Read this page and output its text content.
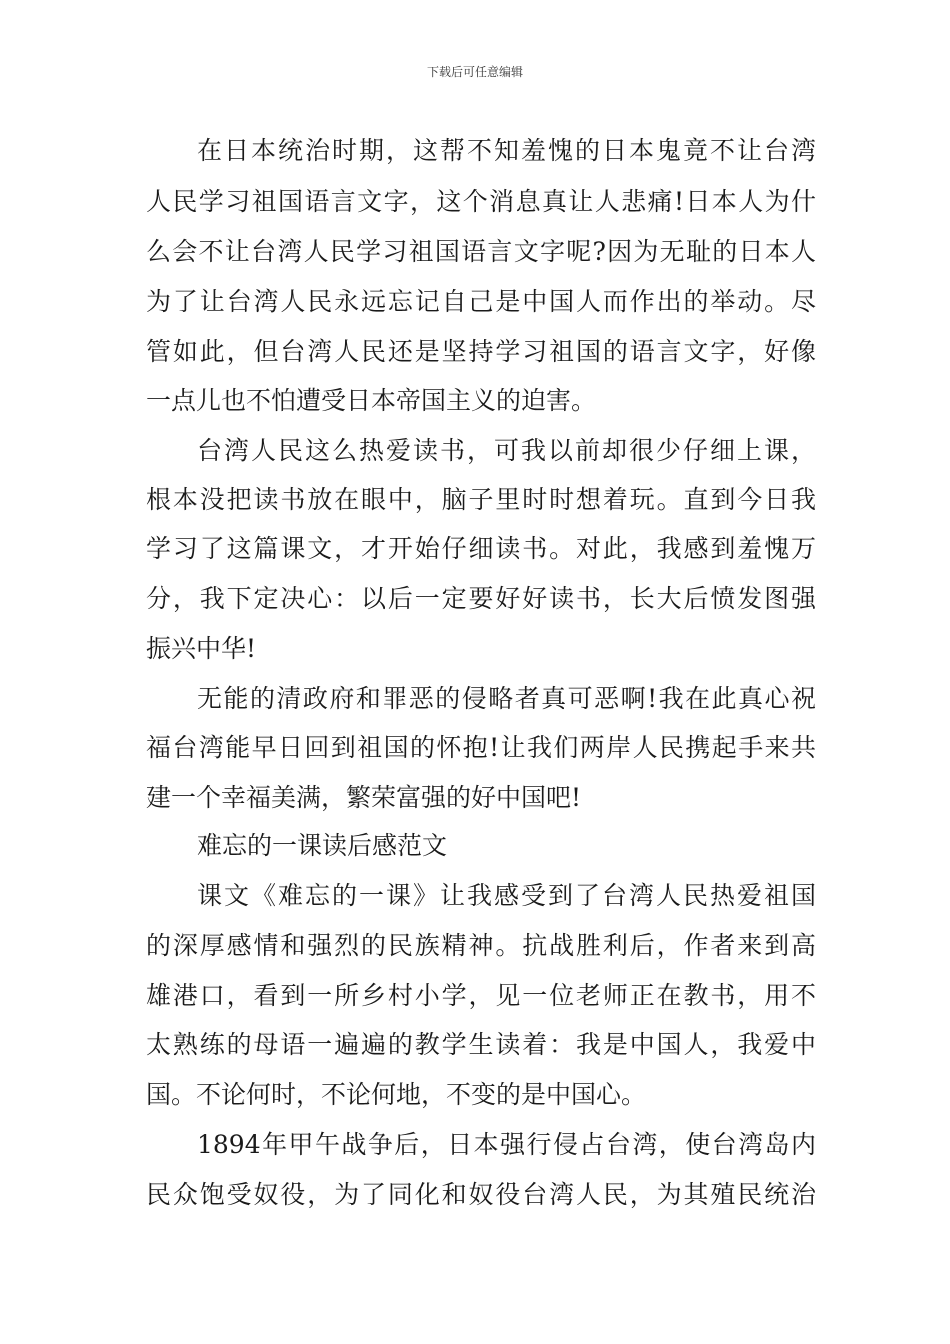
下载后可任意编辑
在日本统治时期，这帮不知羞愧的日本鬼竟不让台湾
人民学习祖国语言文字，这个消息真让人悲痛!日本人为什
么会不让台湾人民学习祖国语言文字呢?因为无耻的日本人
为了让台湾人民永远忘记自己是中国人而作出的举动。尽
管如此，但台湾人民还是坚持学习祖国的语言文字，好像
一点儿也不怕遭受日本帝国主义的迫害。
台湾人民这么热爱读书，可我以前却很少仔细上课，
根本没把读书放在眼中，脑子里时时想着玩。直到今日我
学习了这篇课文，才开始仔细读书。对此，我感到羞愧万
分，我下定决心：以后一定要好好读书，长大后愤发图强
振兴中华!
无能的清政府和罪恶的侵略者真可恶啊!我在此真心祝
福台湾能早日回到祖国的怀抱!让我们两岸人民携起手来共
建一个幸福美满，繁荣富强的好中国吧!
难忘的一课读后感范文
课文《难忘的一课》让我感受到了台湾人民热爱祖国
的深厚感情和强烈的民族精神。抗战胜利后，作者来到高
雄港口，看到一所乡村小学，见一位老师正在教书，用不
太熟练的母语一遍遍的教学生读着：我是中国人，我爱中
国。不论何时，不论何地，不变的是中国心。
1894年甲午战争后，日本强行侵占台湾，使台湾岛内
民众饱受奴役，为了同化和奴役台湾人民，为其殖民统治
